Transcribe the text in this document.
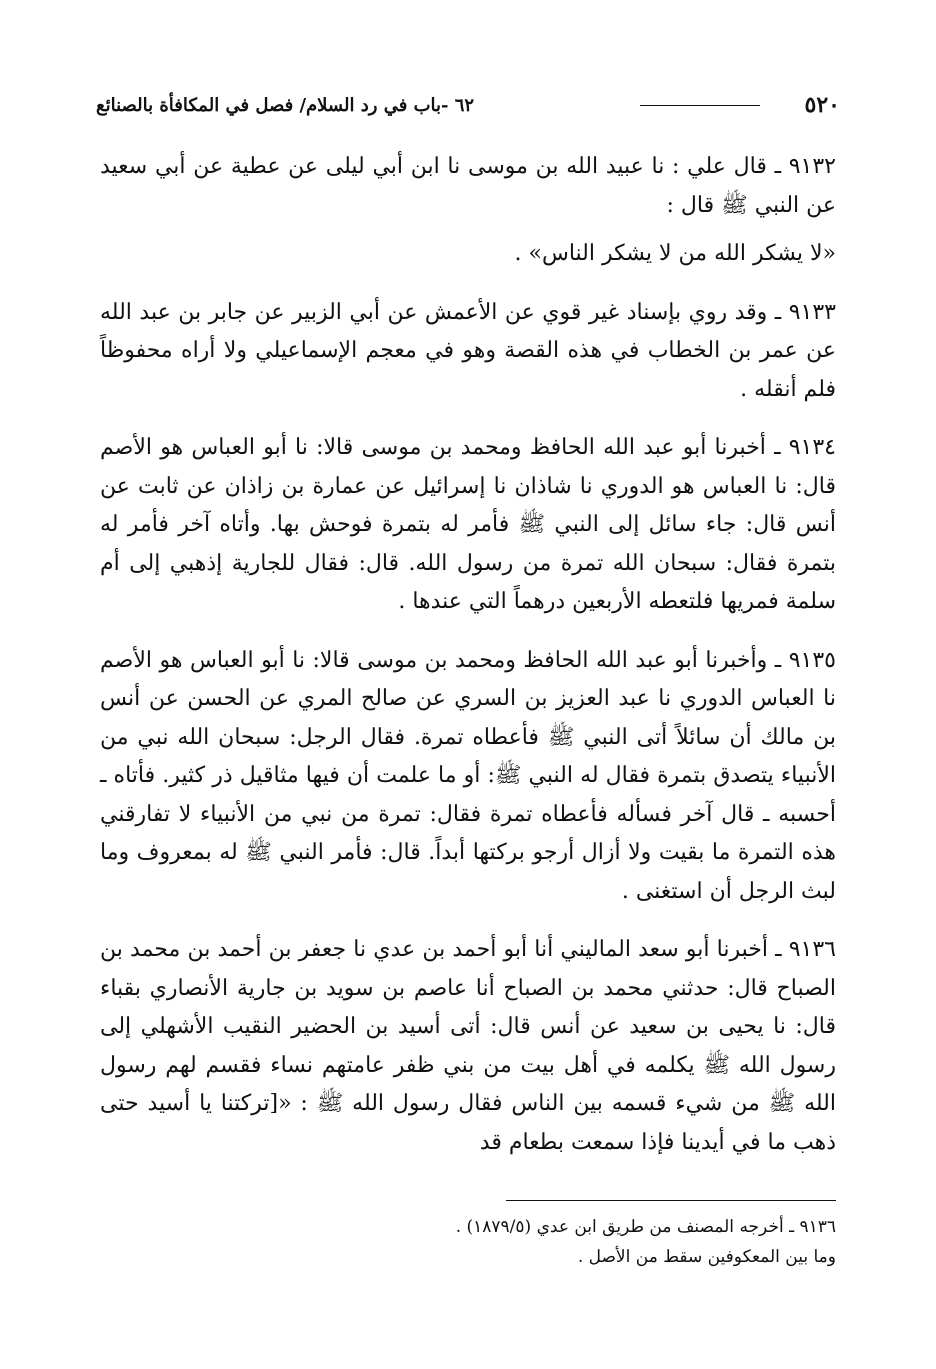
٥٢٠
٦٢ -باب في رد السلام/ فصل في المكافأة بالصنائع

٩١٣٢ ـ قال علي : نا عبيد الله بن موسى نا ابن أبي ليلى عن عطية عن أبي سعيد عن النبي ﷺ قال :

«لا يشكر الله من لا يشكر الناس» .

٩١٣٣ ـ وقد روي بإسناد غير قوي عن الأعمش عن أبي الزبير عن جابر بن عبد الله عن عمر بن الخطاب في هذه القصة وهو في معجم الإسماعيلي ولا أراه محفوظاً فلم أنقله .

٩١٣٤ ـ أخبرنا أبو عبد الله الحافظ ومحمد بن موسى قالا: نا أبو العباس هو الأصم قال: نا العباس هو الدوري نا شاذان نا إسرائيل عن عمارة بن زاذان عن ثابت عن أنس قال: جاء سائل إلى النبي ﷺ فأمر له بتمرة فوحش بها. وأتاه آخر فأمر له بتمرة فقال: سبحان الله تمرة من رسول الله. قال: فقال للجارية إذهبي إلى أم سلمة فمريها فلتعطه الأربعين درهماً التي عندها .

٩١٣٥ ـ وأخبرنا أبو عبد الله الحافظ ومحمد بن موسى قالا: نا أبو العباس هو الأصم نا العباس الدوري نا عبد العزيز بن السري عن صالح المري عن الحسن عن أنس بن مالك أن سائلاً أتى النبي ﷺ فأعطاه تمرة. فقال الرجل: سبحان الله نبي من الأنبياء يتصدق بتمرة فقال له النبي ﷺ: أو ما علمت أن فيها مثاقيل ذر كثير. فأتاه ـ أحسبه ـ قال آخر فسأله فأعطاه تمرة فقال: تمرة من نبي من الأنبياء لا تفارقني هذه التمرة ما بقيت ولا أزال أرجو بركتها أبداً. قال: فأمر النبي ﷺ له بمعروف وما لبث الرجل أن استغنى .

٩١٣٦ ـ أخبرنا أبو سعد الماليني أنا أبو أحمد بن عدي نا جعفر بن أحمد بن محمد بن الصباح قال: حدثني محمد بن الصباح أنا عاصم بن سويد بن جارية الأنصاري بقباء قال: نا يحيى بن سعيد عن أنس قال: أتى أسيد بن الحضير النقيب الأشهلي إلى رسول الله ﷺ يكلمه في أهل بيت من بني ظفر عامتهم نساء فقسم لهم رسول الله ﷺ من شيء قسمه بين الناس فقال رسول الله ﷺ : «[تركتنا يا أسيد حتى ذهب ما في أيدينا فإذا سمعت بطعام قد

٩١٣٦ ـ أخرجه المصنف من طريق ابن عدي (١٨٧٩/٥) .

وما بين المعكوفين سقط من الأصل .
